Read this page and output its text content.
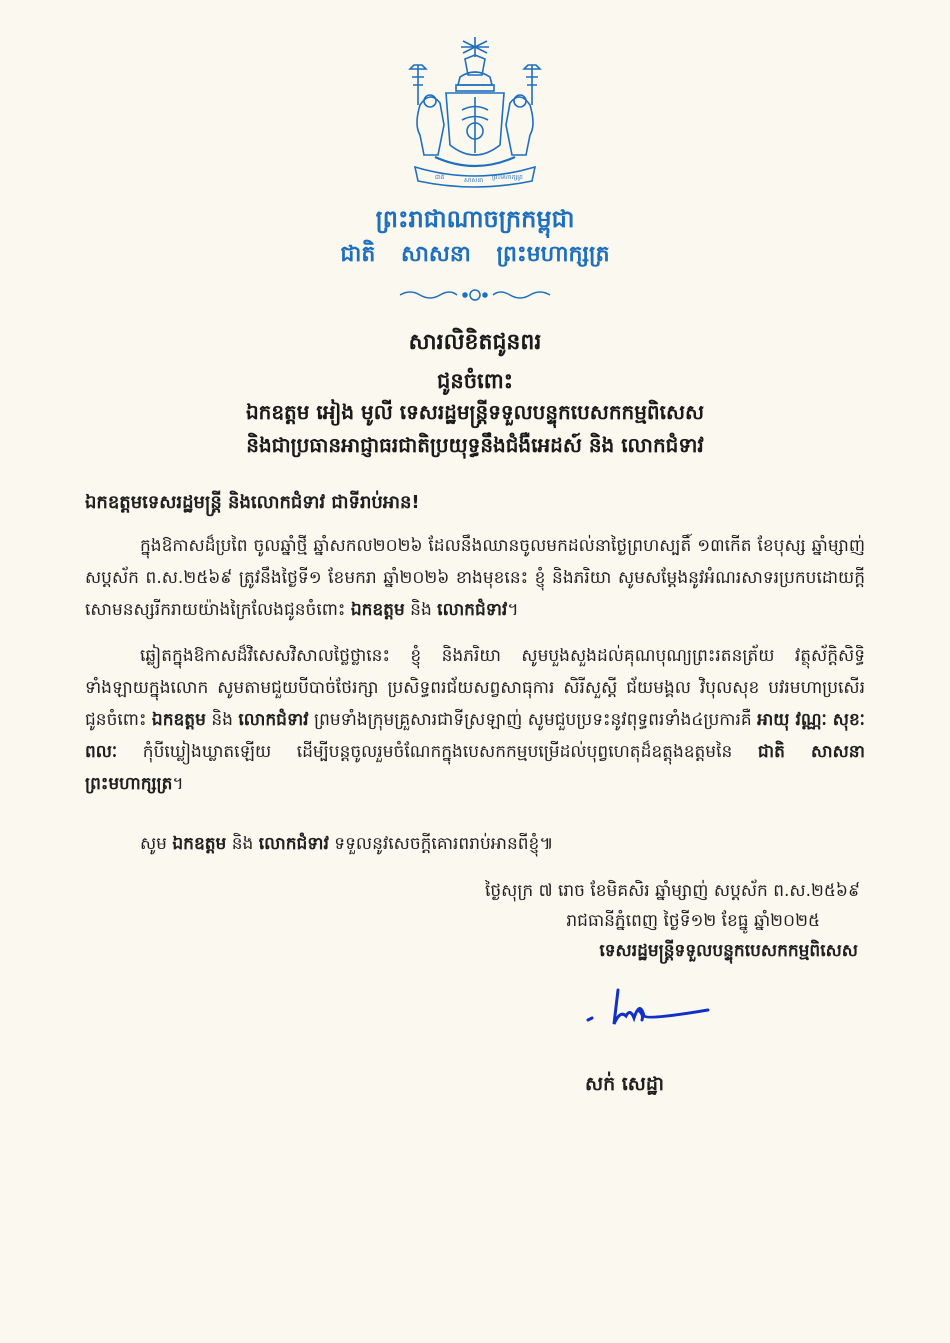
ជាតិ	សាសនា ព្រះមហាក្សត្រ
ព្រះរាជាណាចក្រកម្ពុជា
ជាតិ សាសនា ព្រះមហាក្សត្រ
សារលិខិតជូនពរ
ជូនចំពោះ
ឯកឧត្តម អៀង មូលី ទេសរដ្ឋមន្ត្រីទទួលបន្ទុកបេសកកម្មពិសេស
និងជាប្រធានអាជ្ញាធរជាតិប្រយុទ្ធនឹងជំងឺអេដស៍ និង លោកជំទាវ
ឯកឧត្តមទេសរដ្ឋមន្ត្រី និងលោកជំទាវ ជាទីរាប់អាន!
ក្នុងឱកាសដ៏ប្រពៃ ចូលឆ្នាំថ្មី ឆ្នាំសកល២០២៦ ដែលនឹងឈានចូលមកដល់នាថ្ងៃព្រហស្បតិ៍ ១៣កើត ខែបុស្ស ឆ្នាំម្សាញ់ សប្តស័ក ព.ស.២៥៦៩ ត្រូវនឹងថ្ងៃទី១ ខែមករា ឆ្នាំ២០២៦ ខាងមុខនេះ ខ្ញុំ និងភរិយា សូមសម្តែងនូវអំណរសាទរប្រកបដោយក្តីសោមនស្សរីករាយយ៉ាងក្រៃលែងជូនចំពោះ ឯកឧត្តម និង លោកជំទាវ។
ឆ្លៀតក្នុងឱកាសដ៏វិសេសវិសាលថ្លៃថ្លានេះ ខ្ញុំ និងភរិយា សូមបួងសួងដល់គុណបុណ្យព្រះរតនត្រ័យ វត្ថុស័ក្តិសិទ្ធិទាំងឡាយក្នុងលោក សូមតាមជួយបីបាច់ថែរក្សា ប្រសិទ្ធពរជ័យសព្វសាធុការ សិរីសួស្តី ជ័យមង្គល វិបុលសុខ បវរមហាប្រសើរ ជូនចំពោះ ឯកឧត្តម និង លោកជំទាវ ព្រមទាំងក្រុមគ្រួសារជាទីស្រឡាញ់ សូមជួបប្រទះនូវពុទ្ធពរទាំង៤ប្រការគឺ អាយុ វណ្ណៈ សុខៈ ពលៈ កុំបីឃ្លៀងឃ្លាតឡើយ ដើម្បីបន្តចូលរួមចំណែកក្នុងបេសកកម្មបម្រើដល់បុព្វហេតុដ៏ឧត្តុងឧត្តមនៃ ជាតិ សាសនា ព្រះមហាក្សត្រ។
សូម ឯកឧត្តម និង លោកជំទាវ ទទួលនូវសេចក្តីគោរពរាប់អានពីខ្ញុំ៕
ថ្ងៃសុក្រ ៧ រោច ខែមិគសិរ ឆ្នាំម្សាញ់ សប្តស័ក ព.ស.២៥៦៩
រាជធានីភ្នំពេញ ថ្ងៃទី១២ ខែធ្នូ ឆ្នាំ២០២៥
ទេសរដ្ឋមន្ត្រីទទួលបន្ទុកបេសកកម្មពិសេស
សក់ សេដ្ឋា
